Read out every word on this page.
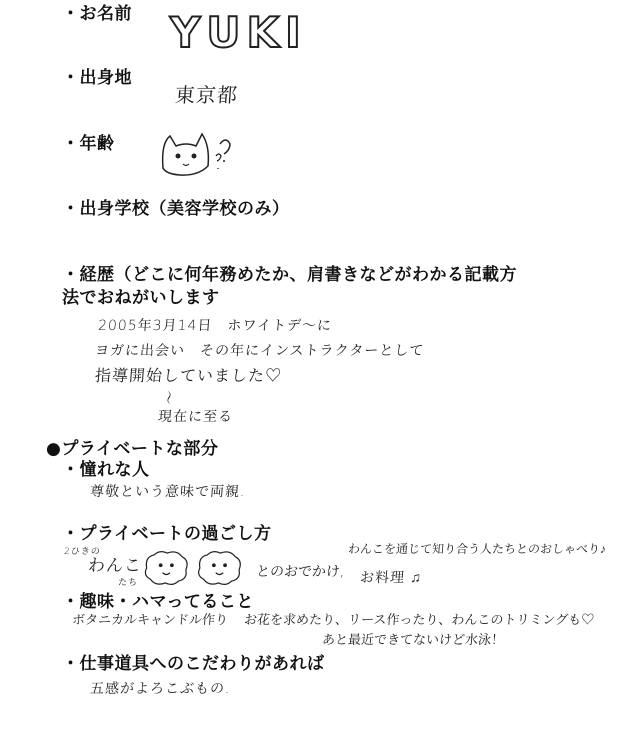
・お名前 YUKI
・出身地
東京都
・年齢
・出身学校（美容学校のみ）
・経歴（どこに何年務めたか、肩書きなどがわかる記載方
法でおねがいします
2005年3月14日　ホワイトデ〜に
ヨガに出会い　その年にインストラクターとして
指導開始していました♡
〜
現在に至る
●プライベートな部分
・憧れな人
尊敬という意味で両親.
・プライベートの過ごし方
2ひきの
わんこ
たち
とのおでかけ,
わんこを通じて知り合う人たちとのおしゃべり♪
お料理 ♫
・趣味・ハマってること
ボタニカルキャンドル作り お花を求めたり、リース作ったり、わんこのトリミングも♡
あと最近できてないけど水泳！
・仕事道具へのこだわりがあれば
五感がよろこぶもの.
